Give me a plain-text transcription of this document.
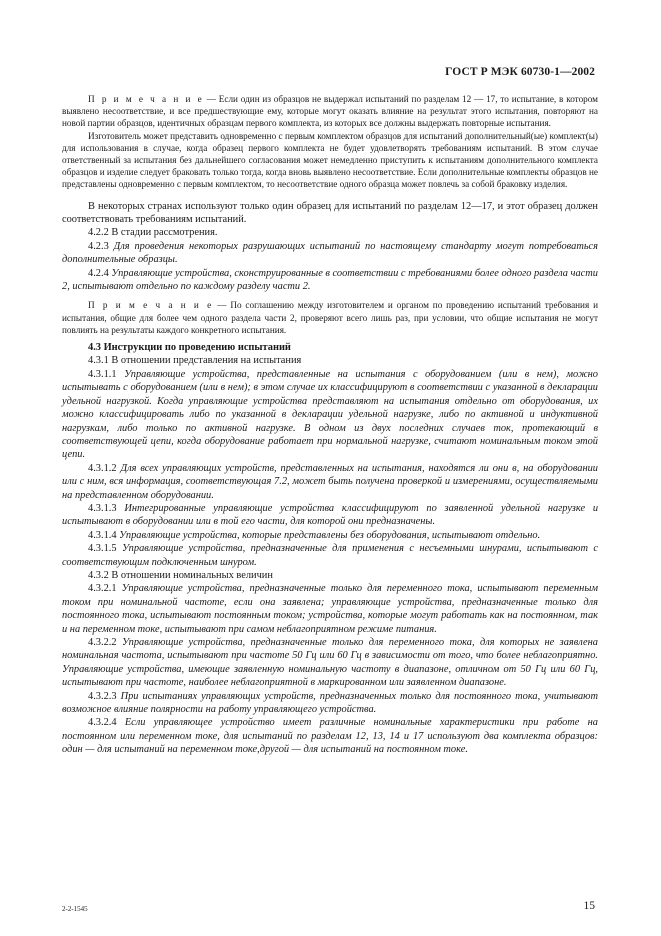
ГОСТ Р МЭК 60730-1—2002

П р и м е ч а н и е — Если один из образцов не выдержал испытаний по разделам 12 — 17, то испытание, в котором выявлено несоответствие, и все предшествующие ему, которые могут оказать влияние на результат этого испытания, повторяют на новой партии образцов, идентичных образцам первого комплекта, из которых все должны выдержать повторные испытания.

Изготовитель может представить одновременно с первым комплектом образцов для испытаний дополнительный(ые) комплект(ы) для использования в случае, когда образец первого комплекта не будет удовлетворять требованиям испытаний. В этом случае ответственный за испытания без дальнейшего согласования может немедленно приступить к испытаниям дополнительного комплекта образцов и изделие следует браковать только тогда, когда вновь выявлено несоответствие. Если дополнительные комплекты образцов не представлены одновременно с первым комплектом, то несоответствие одного образца может повлечь за собой браковку изделия.

В некоторых странах используют только один образец для испытаний по разделам 12—17, и этот образец должен соответствовать требованиям испытаний.

4.2.2 В стадии рассмотрения.

4.2.3 Для проведения некоторых разрушающих испытаний по настоящему стандарту могут потребоваться дополнительные образцы.

4.2.4 Управляющие устройства, сконструированные в соответствии с требованиями более одного раздела части 2, испытывают отдельно по каждому разделу части 2.

П р и м е ч а н и е — По соглашению между изготовителем и органом по проведению испытаний требования и испытания, общие для более чем одного раздела части 2, проверяют всего лишь раз, при условии, что общие испытания не могут повлиять на результаты каждого конкретного испытания.

4.3 Инструкции по проведению испытаний

4.3.1 В отношении представления на испытания

4.3.1.1 Управляющие устройства, представленные на испытания с оборудованием (или в нем), можно испытывать с оборудованием (или в нем); в этом случае их классифицируют в соответствии с указанной в декларации удельной нагрузкой. Когда управляющие устройства представляют на испытания отдельно от оборудования, их можно классифицировать либо по указанной в декларации удельной нагрузке, либо по активной и индуктивной нагрузкам, либо только по активной нагрузке. В одном из двух последних случаев ток, протекающий в соответствующей цепи, когда оборудование работает при нормальной нагрузке, считают номинальным током этой цепи.

4.3.1.2 Для всех управляющих устройств, представленных на испытания, находятся ли они в, на оборудовании или с ним, вся информация, соответствующая 7.2, может быть получена проверкой и измерениями, осуществляемыми на представленном оборудовании.

4.3.1.3 Интегрированные управляющие устройства классифицируют по заявленной удельной нагрузке и испытывают в оборудовании или в той его части, для которой они предназначены.

4.3.1.4 Управляющие устройства, которые представлены без оборудования, испытывают отдельно.

4.3.1.5 Управляющие устройства, предназначенные для применения с несъемными шнурами, испытывают с соответствующим подключенным шнуром.

4.3.2 В отношении номинальных величин

4.3.2.1 Управляющие устройства, предназначенные только для переменного тока, испытывают переменным током при номинальной частоте, если она заявлена; управляющие устройства, предназначенные только для постоянного тока, испытывают постоянным током; устройства, которые могут работать как на постоянном, так и на переменном токе, испытывают при самом неблагоприятном режиме питания.

4.3.2.2 Управляющие устройства, предназначенные только для переменного тока, для которых не заявлена номинальная частота, испытывают при частоте 50 Гц или 60 Гц в зависимости от того, что более неблагоприятно. Управляющие устройства, имеющие заявленную номинальную частоту в диапазоне, отличном от 50 Гц или 60 Гц, испытывают при частоте, наиболее неблагоприятной в маркированном или заявленном диапазоне.

4.3.2.3 При испытаниях управляющих устройств, предназначенных только для постоянного тока, учитывают возможное влияние полярности на работу управляющего устройства.

4.3.2.4 Если управляющее устройство имеет различные номинальные характеристики при работе на постоянном или переменном токе, для испытаний по разделам 12, 13, 14 и 17 используют два комплекта образцов: один — для испытаний на переменном токе,другой — для испытаний на постоянном токе.

2-2-1545	15
